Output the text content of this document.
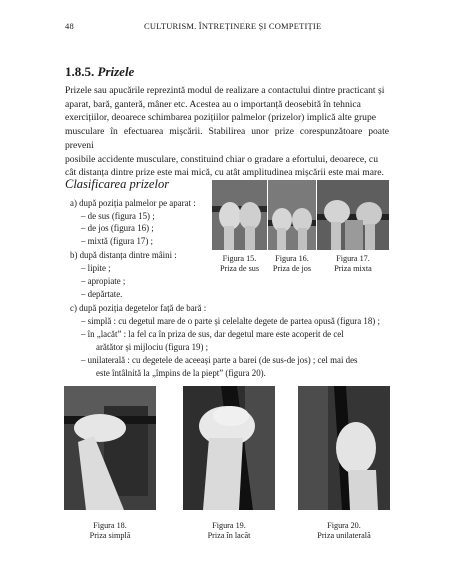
48	CULTURISM. ÎNTREȚINERE ȘI COMPETIȚIE
1.8.5. Prizele
Prizele sau apucările reprezintă modul de realizare a contactului dintre practicant și
aparat, bară, ganteră, mâner etc. Acestea au o importanță deosebită în tehnica
exercițiilor, deoarece schimbarea pozițiilor palmelor (prizelor) implică alte grupe
musculare în efectuarea mișcării. Stabilirea unor prize corespunzătoare poate preveni
posibile accidente musculare, constituind chiar o gradare a efortului, deoarece, cu
cât distanța dintre prize este mai mică, cu atât amplitudinea mișcării este mai mare.
Clasificarea prizelor
a) după poziția palmelor pe aparat :
– de sus (figura 15) ;
– de jos (figura 16) ;
– mixtă (figura 17) ;
b) după distanța dintre mâini :
– lipite ;
– apropiate ;
– depărtate.
c) după poziția degetelor față de bară :
– simplă : cu degetul mare de o parte și celelalte degete de partea opusă (figura 18) ;
– în „lacăt” : la fel ca în priza de sus, dar degetul mare este acoperit de cel
arătător și mijlociu (figura 19) ;
– unilaterală : cu degetele de aceeași parte a barei (de sus-de jos) ; cel mai des
este întâlnită la „împins de la piept” (figura 20).
Figura 15.
Priza de sus
Figura 16.
Priza de jos
Figura 17.
Priza mixta
Figura 18.
Priza simplă
Figura 19.
Priza în lacăt
Figura 20.
Priza unilaterală
